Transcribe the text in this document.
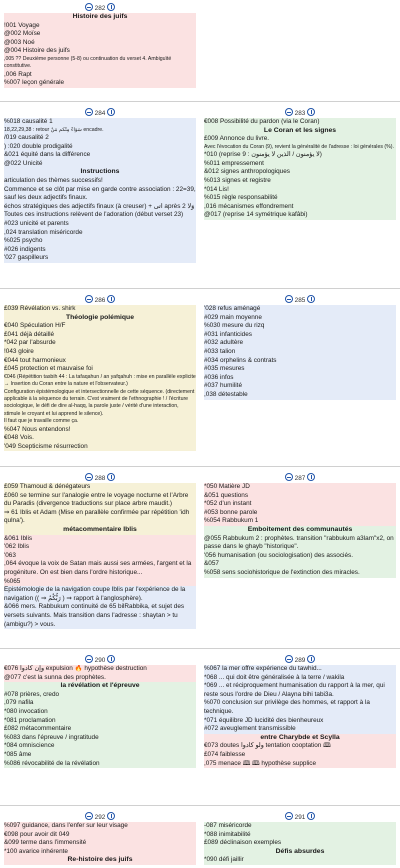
282
Histoire des juifs
!001 Voyage
@002 Moïse
@003 Noé
@004 Histoire des juifs
,005 ?? Deuxième personne (5-8) ou continuation du verset 4. Ambiguïté constitutive.
,006 Rapt
%007 leçon générale
284
%018 causalité 1
18,22,29,38 : retour سَوَاءً مِنْكُم مَنْ encadre.
/019 causalité 2
) :020 double prodigalité
&021 équité dans la différence
@022 Unicité
Instructions
articulation des thèmes successifs!
Commence et se clôt par mise en garde contre association : 22=39, sauf les deux adjectifs finaux.
échos stratégiques des adjectifs finaux (à creuser) + آتی après 2 وَلا
Toutes ces instructions relèvent de l'adoration (début verset 23)
#023 unicité et parents
,024 translation miséricorde
%025 psycho
#026 indigents
'027 gaspilleurs
283
€008 Possibilité du pardon (via le Coran)
Le Coran et les signes
£009 Annonce du livre.
Avec l'évocation du Coran (9), revient la généralité de l'adresse : loi générales (%).
*010 (reprise 9 : لا يؤمنون / الذين لا يؤمنون)
%011 empressement
&012 signes anthropologiques
%013 signes et registre
*014 Lis!
%015 règle responsabilité
,016 mécanismes effondrement
@017 (reprise 14 symétrique kafâbi)
286
£039 Révélation vs. shirk
Théologie polémique
€040 Spéculation H/F
£041 déjà détaillé
*042 par l'absurde
!043 gloire
€044 tout harmonieux
£045 protection et mauvaise foi
€046 (Répétition tasbih 44 : La tafaqahun / an yafqahuh : mise en parallèle explicite → Insertion du Coran entre la nature et l'observateur.)
Configuration épistémologique et intersectionnelle de cette séquence. (directement applicable à la séquence du terrain. C'est vraiment de l'ethnographie ! / l'écriture sociologique, le défi de dire al-haqq, la parole juste / vérité d'une interaction, stimule le croyant et lui apprend le silence).
Il faut que je travaille comme ça.
%047 Nous entendons!
€048 Vois.
'049 Scepticisme résurrection
285
'028 refus aménagé
#029 main moyenne
%030 mesure du rizq
#031 infanticides
#032 adultère
#033 talion
#034 orphelins & contrats
#035 mesures
#036 infos
#037 humilité
,038 détestable
288
£059 Thamoud & dénégateurs
£060 se termine sur l'analogie entre le voyage nocturne et l'Arbre du Paradis (divergence traductions sur place arbre maudit.)
⇒ 61 Iblis et Adam (Mise en parallèle confirmée par répétition 'idh qulna').
métacommentaire Iblis
&061 Iblis
'062 Iblis
'063
,064 évoque la voix de Satan mais aussi ses armées, l'argent et la progéniture. On est bien dans l'ordre historique...
%065
Épistémologie de la navigation coupe Iblis par l'expérience de la navigation (( ⇒ رَبُّكُمُ ) ⇒ rapport à l'anglosphère).
&066 mers. Rabbukum continuité de 65 bilRabbika, et sujet des versets suivants. Mais transition dans l'adresse : shaytan > tu (ambigu?) > vous.
287
*050 Matière JD
&051 questions
*052 d'un instant
#053 bonne parole
%054 Rabbukum 1
Emboitement des communautés
@055 Rabbukum 2 : prophètes. transition "rabbukum a3lam"x2, on passe dans le ghayb "historique".
'056 humanisation (ou sociologisation) des associés.
&057
%058 sens sociohistorique de l'extinction des miracles.
290
€076 وإن كادوا expulsion 🔥 hypothèse destruction
@077 c'est la sunna des prophètes.
la révélation et l'épreuve
#078 prières, credo
,079 nafila
*080 invocation
*081 proclamation
£082 métacommentaire
%083 dans l'épreuve / ingratitude
*084 omniscience
*085 âme
%086 révocabilité de la révélation
289
%067 la mer offre expérience du tawhid...
*068 ... qui doit être généralisée à la terre / wakila
*069 ... et réciproquement humanisation du rapport à la mer, qui reste sous l'ordre de Dieu / Alayna bihi tabi3a.
%070 conclusion sur privilège des hommes, et rapport à la technique.
*071 équilibre JD lucidité des bienheureux
#072 aveuglement transmissible
entre Charybde et Scylla
€073 doutes ولو كادوا tentation cooptation 🕮
£074 faiblesse
,075 menace 🕮 🕮 hypothèse supplice
292
%097 guidance, dans l'enfer sur leur visage
€098 pour avoir dit 049
&099 terme dans l'immensité
*100 avarice inhérente
Re-histoire des juifs
291
-087 miséricorde
*088 inimitabilité
£089 déclinaison exemples
Défis absurdes
*090 défi jaillir
